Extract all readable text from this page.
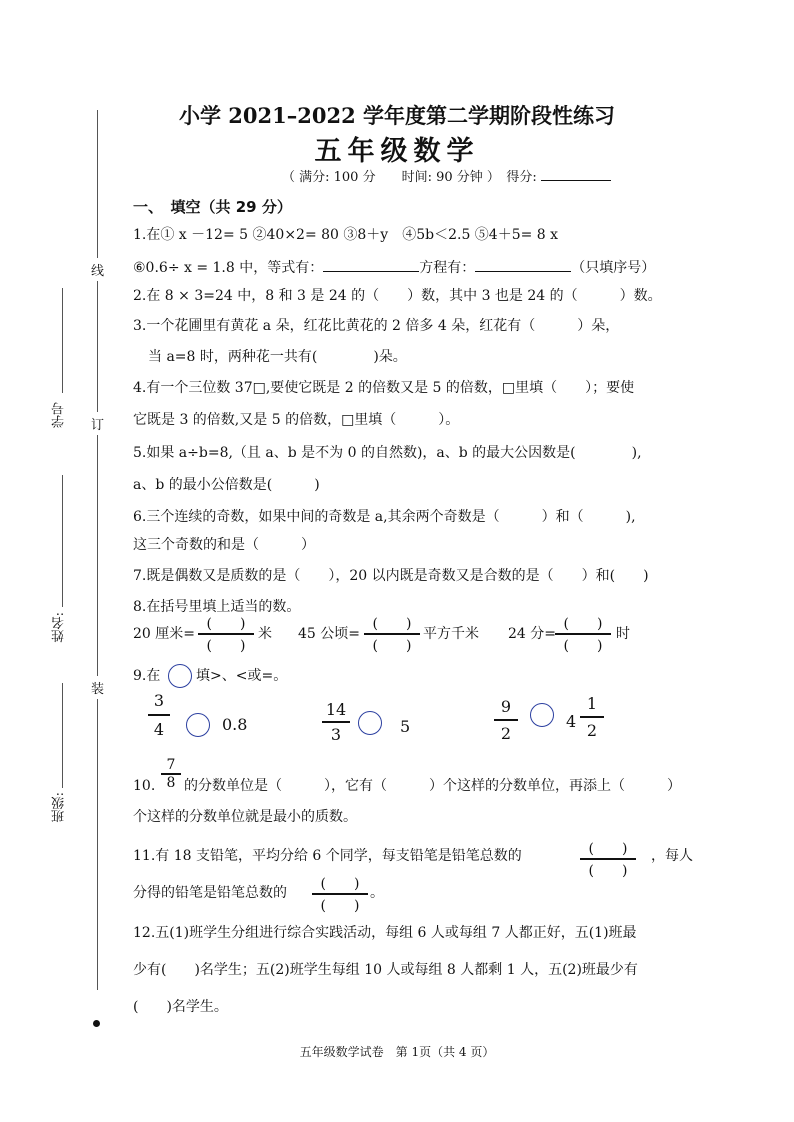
线
订
装
学号
姓名:
班级:
小学 2021–2022 学年度第二学期阶段性练习
五年级数学
（ 满分: 100 分　　时间: 90 分钟 ）　得分:
一、　填空（共 29 分）
1.在① x －12= 5 ②40×2= 80 ③8＋y　④5b＜2.5 ⑤4＋5= 8 x
⑥0.6÷ x = 1.8 中，等式有：	方程有：	（只填序号）
2.在 8 × 3=24 中，8 和 3 是 24 的（　　）数，其中 3 也是 24 的（　　　）数。
3.一个花圃里有黄花 a 朵，红花比黄花的 2 倍多 4 朵，红花有（　　　）朵，
当 a=8 时，两种花一共有(　　　　)朵。
4.有一个三位数 37□,要使它既是 2 的倍数又是 5 的倍数，□里填（　　）；要使
它既是 3 的倍数,又是 5 的倍数，□里填（　　　）。
5.如果 a÷b=8,（且 a、b 是不为 0 的自然数)，a、b 的最大公因数是(　　　　),
a、b 的最小公倍数是(　　　)
6.三个连续的奇数，如果中间的奇数是 a,其余两个奇数是（　　　）和（　　　),
这三个奇数的和是（　　　）
7.既是偶数又是质数的是（　　），20 以内既是奇数又是合数的是（　　）和(　　)
8.在括号里填上适当的数。
20 厘米=
(　　)
(　　)
米 45 公顷=
(　　)
(　　)
平方千米 24 分=
(　　)
(　　)
时
9.在	填>、<或=。
3
4	0.8
14
3	5
9
2
4
1
2
10.
7
8 的分数单位是（　　　），它有（　　　）个这样的分数单位，再添上（　　　）
个这样的分数单位就是最小的质数。
11.有 18 支铅笔，平均分给 6 个同学，每支铅笔是铅笔总数的	(　　)
(　　)
，每人
分得的铅笔是铅笔总数的
(　　)
(　　)
。
12.五(1)班学生分组进行综合实践活动，每组 6 人或每组 7 人都正好，五(1)班最
少有(　　)名学生；五(2)班学生每组 10 人或每组 8 人都剩 1 人，五(2)班最少有
(　　)名学生。
五年级数学试卷　第 1页（共 4 页）
